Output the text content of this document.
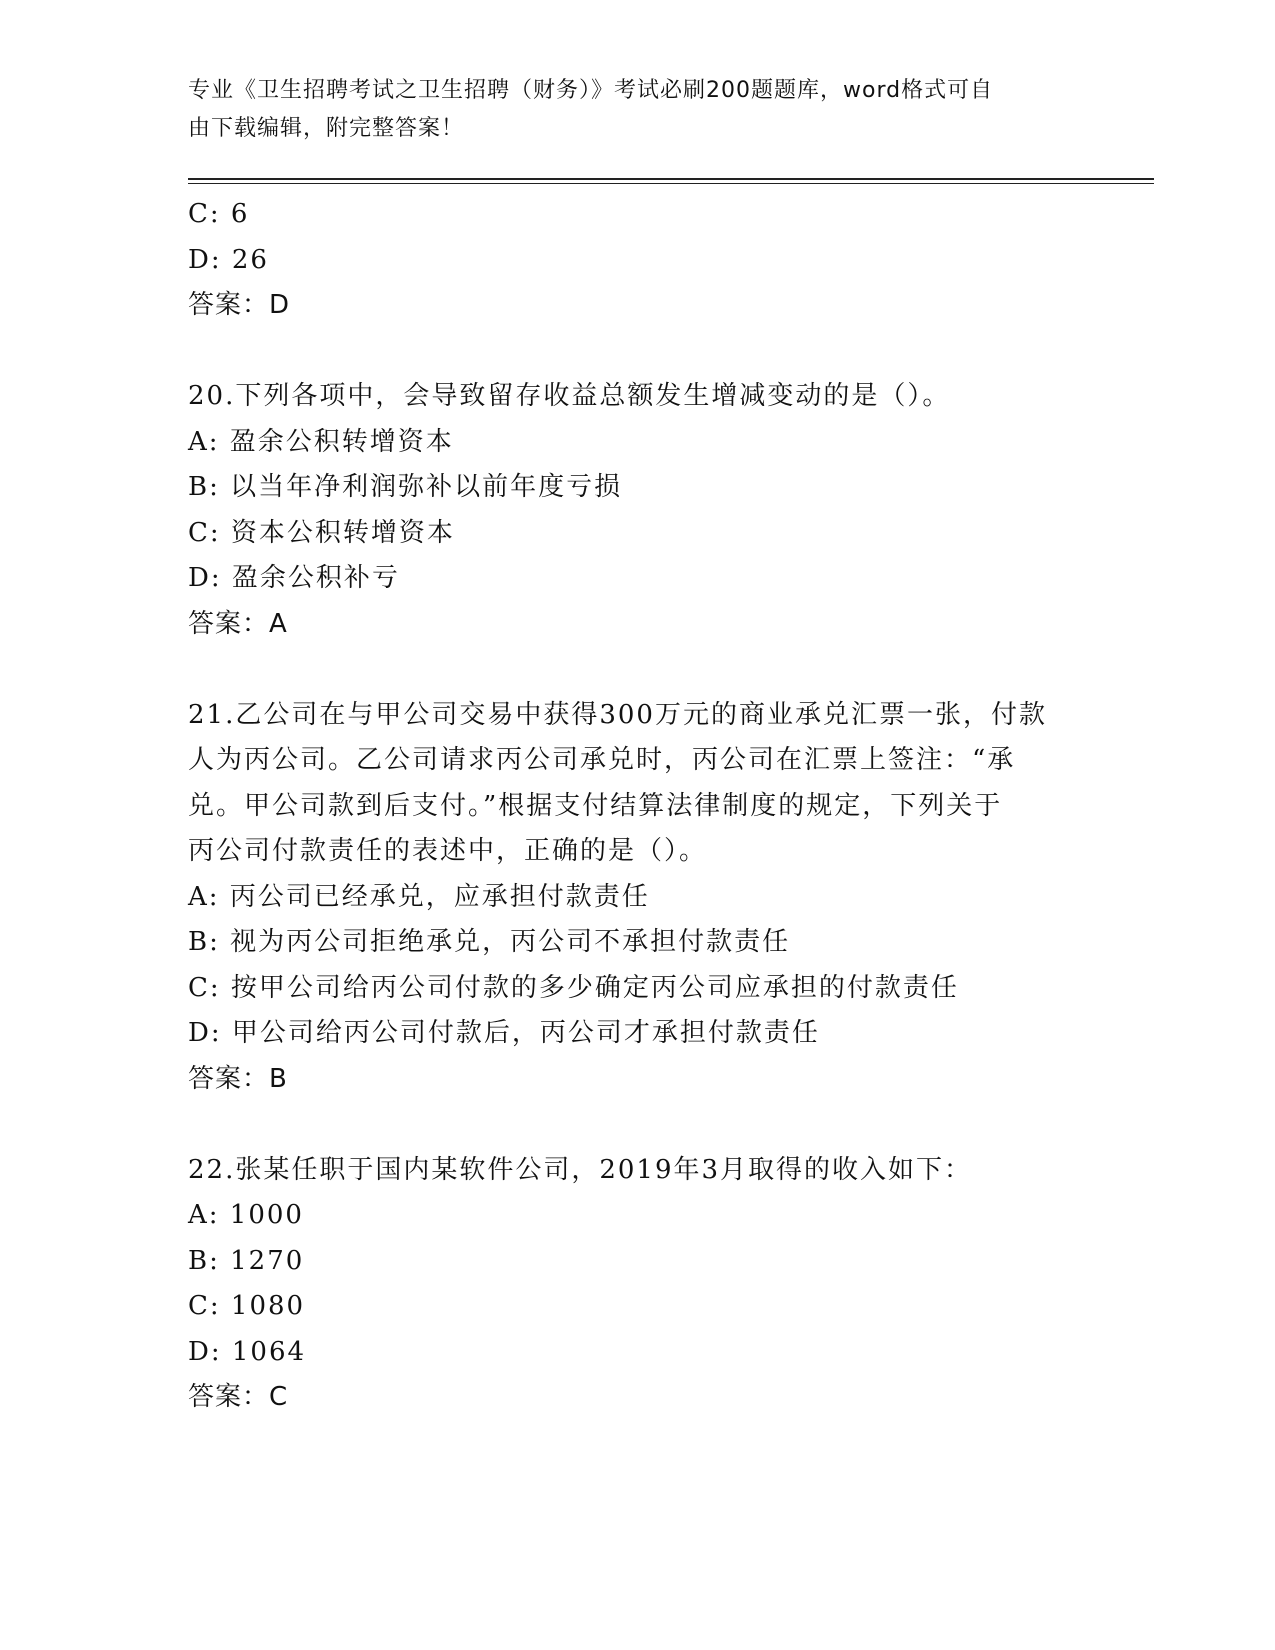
专业《卫生招聘考试之卫生招聘（财务）》考试必刷200题题库，word格式可自
由下载编辑，附完整答案！
C: 6
D: 26
答案：D
20.下列各项中，会导致留存收益总额发生增减变动的是（）。
A: 盈余公积转增资本
B: 以当年净利润弥补以前年度亏损
C: 资本公积转增资本
D: 盈余公积补亏
答案：A
21.乙公司在与甲公司交易中获得300万元的商业承兑汇票一张，付款
人为丙公司。乙公司请求丙公司承兑时，丙公司在汇票上签注：“承
兑。甲公司款到后支付。”根据支付结算法律制度的规定，下列关于
丙公司付款责任的表述中，正确的是（）。
A: 丙公司已经承兑，应承担付款责任
B: 视为丙公司拒绝承兑，丙公司不承担付款责任
C: 按甲公司给丙公司付款的多少确定丙公司应承担的付款责任
D: 甲公司给丙公司付款后，丙公司才承担付款责任
答案：B
22.张某任职于国内某软件公司，2019年3月取得的收入如下：
A: 1000
B: 1270
C: 1080
D: 1064
答案：C
